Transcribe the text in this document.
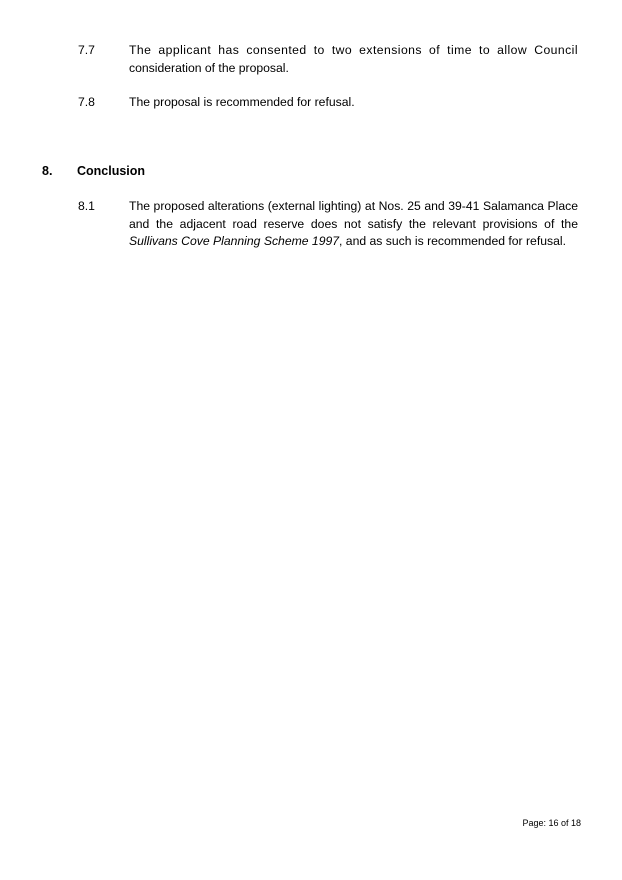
7.7	The applicant has consented to two extensions of time to allow Council
consideration of the proposal.
7.8	The proposal is recommended for refusal.
8. Conclusion
8.1	The proposed alterations (external lighting) at Nos. 25 and 39-41 Salamanca Place and the adjacent road reserve does not satisfy the relevant provisions of the Sullivans Cove Planning Scheme 1997, and as such is recommended for refusal.
Page: 16 of 18
